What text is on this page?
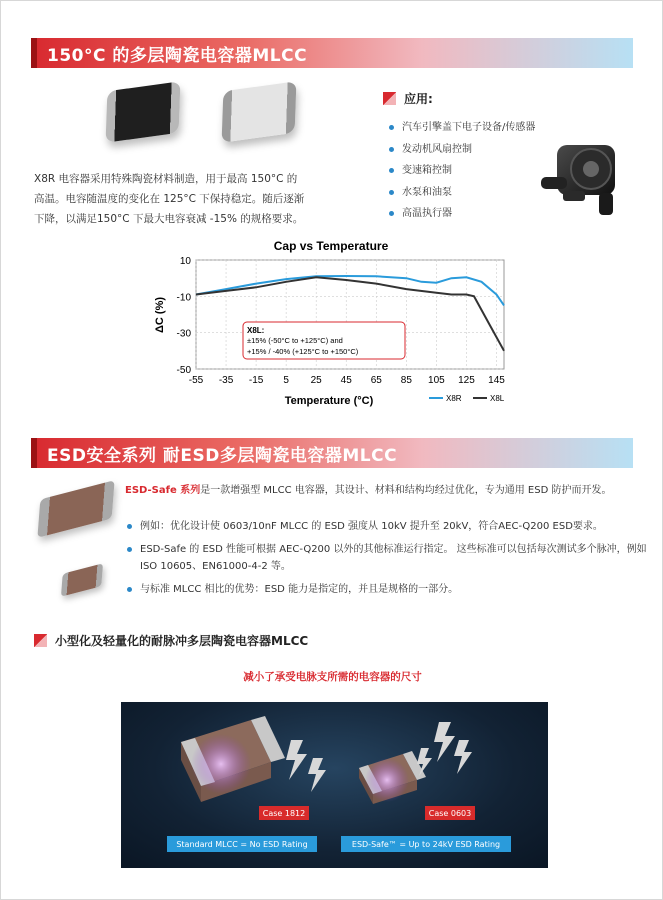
150°C 的多层陶瓷电容器MLCC
X8R 电容器采用特殊陶瓷材料制造，用于最高 150°C 的
高温。电容随温度的变化在 125°C 下保持稳定。随后逐渐
下降，以满足150°C 下最大电容衰减 -15% 的规格要求。
应用:
汽车引擎盖下电子设备/传感器
发动机风扇控制
变速箱控制
水泵和油泵
高温执行器
Cap vs Temperature
10
-10
-30
-50
-55 -35 -15 5 25 45 65 85 105 125 145
ΔC (%)
Temperature (°C)
X8L:
±15% (-50°C to +125°C) and
+15% / -40% (+125°C to +150°C)
X8R	X8L
ESD安全系列 耐ESD多层陶瓷电容器MLCC
ESD-Safe 系列是一款增强型 MLCC 电容器，其设计、材料和结构均经过优化，专为通用 ESD 防护而开发。
例如：优化设计使 0603/10nF MLCC 的 ESD 强度从 10kV 提升至 20kV，符合AEC-Q200 ESD要求。
ESD-Safe 的 ESD 性能可根据 AEC-Q200 以外的其他标准运行指定。 这些标准可以包括每次测试多个脉冲，例如 ISO 10605、EN61000-4-2 等。
与标准 MLCC 相比的优势：ESD 能力是指定的，并且是规格的一部分。
小型化及轻量化的耐脉冲多层陶瓷电容器MLCC
减小了承受电脉支所需的电容器的尺寸
Case 1812	Case 0603
Standard MLCC = No ESD Rating	ESD-Safe™ = Up to 24kV ESD Rating
